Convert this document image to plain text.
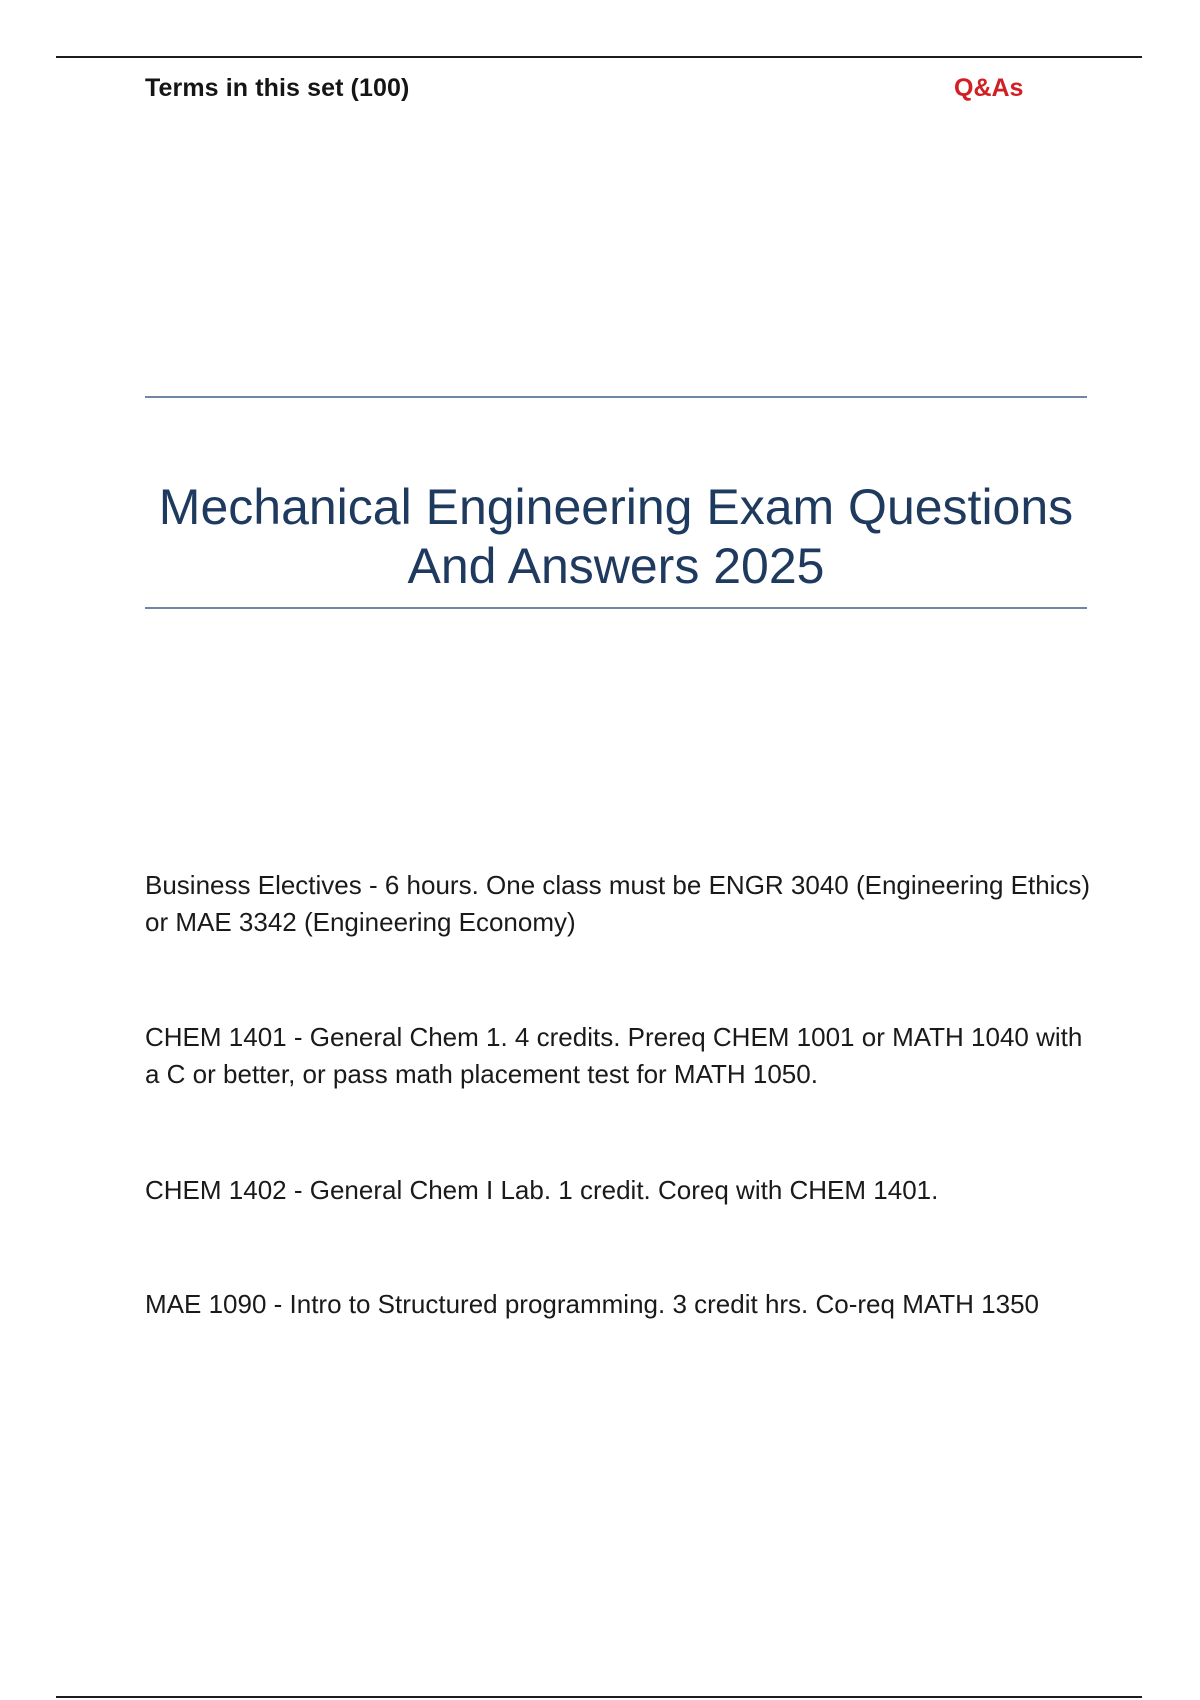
Terms in this set (100)	Q&As
Mechanical Engineering Exam Questions And Answers 2025
Business Electives - 6 hours. One class must be ENGR 3040 (Engineering Ethics) or MAE 3342 (Engineering Economy)
CHEM 1401 - General Chem 1. 4 credits. Prereq CHEM 1001 or MATH 1040 with a C or better, or pass math placement test for MATH 1050.
CHEM 1402 - General Chem I Lab. 1 credit. Coreq with CHEM 1401.
MAE 1090 - Intro to Structured programming. 3 credit hrs. Co-req MATH 1350
